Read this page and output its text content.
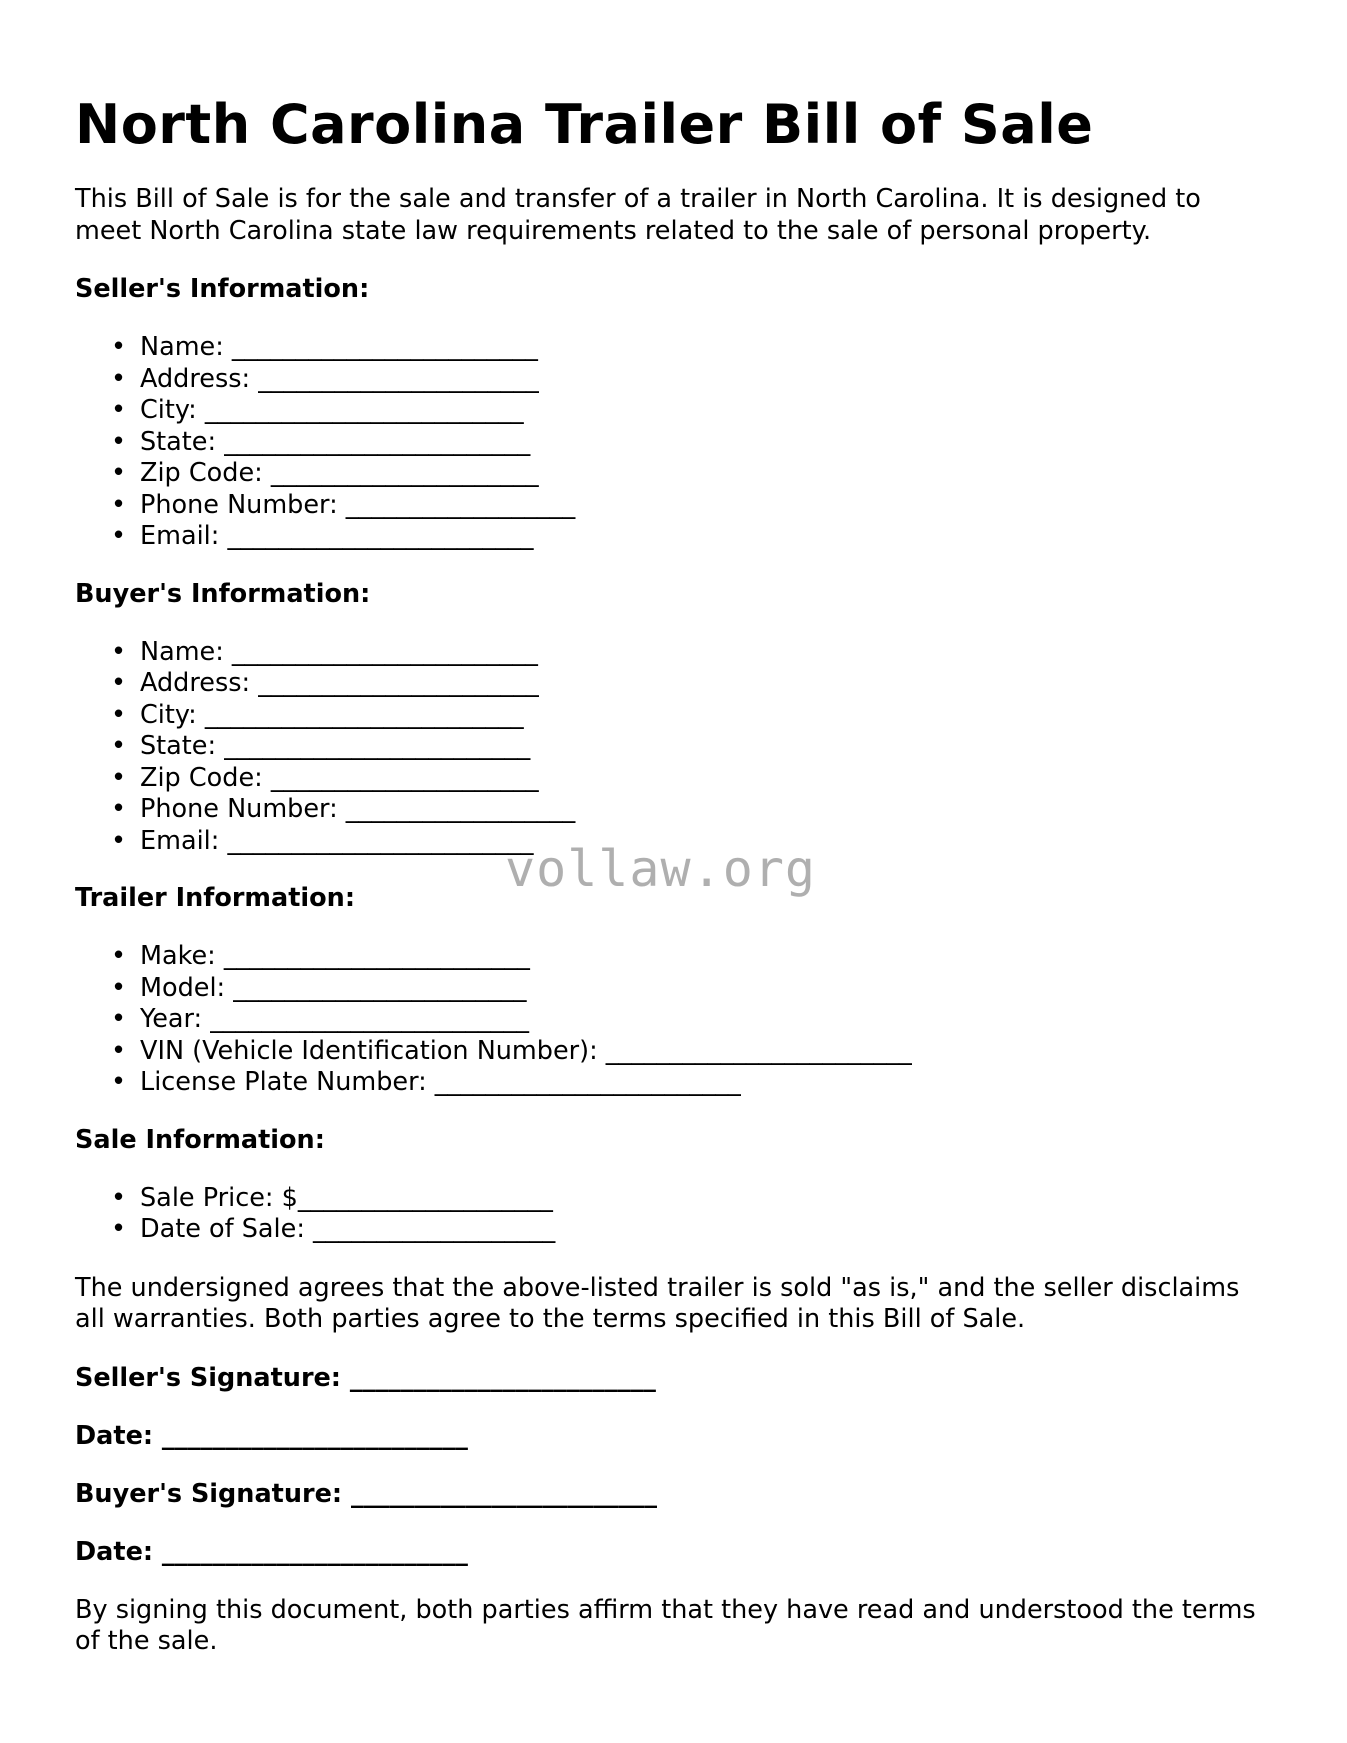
North Carolina Trailer Bill of Sale

This Bill of Sale is for the sale and transfer of a trailer in North Carolina. It is designed to meet North Carolina state law requirements related to the sale of personal property.

Seller's Information:
• Name: ________________________
• Address: ______________________
• City: _________________________
• State: ________________________
• Zip Code: _____________________
• Phone Number: __________________
• Email: ________________________
Buyer's Information:
• Name: ________________________
• Address: ______________________
• City: _________________________
• State: ________________________
• Zip Code: _____________________
• Phone Number: __________________
• Email: ________________________
Trailer Information:
• Make: ________________________
• Model: _______________________
• Year: _________________________
• VIN (Vehicle Identification Number): ________________________
• License Plate Number: ________________________
Sale Information:
• Sale Price: $____________________
• Date of Sale: ___________________

The undersigned agrees that the above-listed trailer is sold "as is," and the seller disclaims all warranties. Both parties agree to the terms specified in this Bill of Sale.

Seller's Signature: ________________________

Date: ________________________

Buyer's Signature: ________________________

Date: ________________________

By signing this document, both parties affirm that they have read and understood the terms of the sale.

vollaw.org
